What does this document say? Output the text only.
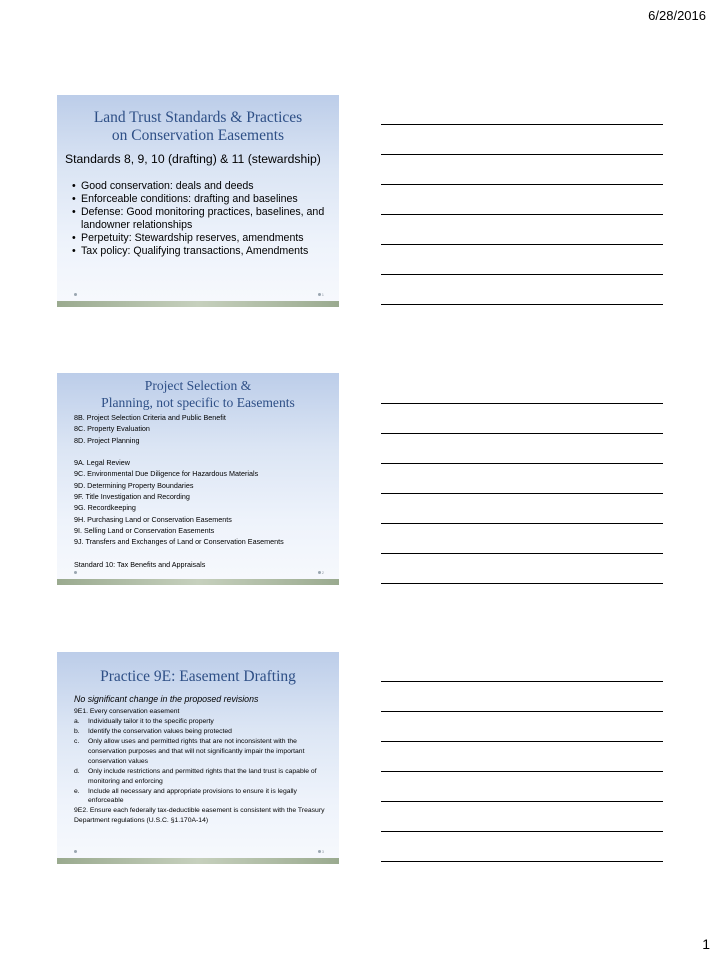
6/28/2016
Land Trust Standards & Practices
on Conservation Easements
Standards 8, 9, 10 (drafting) & 11 (stewardship)
• Good conservation: deals and deeds
• Enforceable conditions: drafting and baselines
• Defense: Good monitoring practices, baselines, and landowner relationships
• Perpetuity: Stewardship reserves, amendments
• Tax policy: Qualifying transactions, Amendments
1
Project Selection &
Planning, not specific to Easements
8B. Project Selection Criteria and Public Benefit
8C. Property Evaluation
8D. Project Planning
9A. Legal Review
9C. Environmental Due Diligence for Hazardous Materials
9D. Determining Property Boundaries
9F. Title Investigation and Recording
9G. Recordkeeping
9H. Purchasing Land or Conservation Easements
9I. Selling Land or Conservation Easements
9J. Transfers and Exchanges of Land or Conservation Easements
Standard 10: Tax Benefits and Appraisals
2
Practice 9E: Easement Drafting
No significant change in the proposed revisions
9E1. Every conservation easement
a. Individually tailor it to the specific property
b. Identify the conservation values being protected
c. Only allow uses and permitted rights that are not inconsistent with the conservation purposes and that will not significantly impair the important conservation values
d. Only include restrictions and permitted rights that the land trust is capable of monitoring and enforcing
e. Include all necessary and appropriate provisions to ensure it is legally enforceable
9E2. Ensure each federally tax-deductible easement is consistent with the Treasury Department regulations (U.S.C. §1.170A-14)
3
1
